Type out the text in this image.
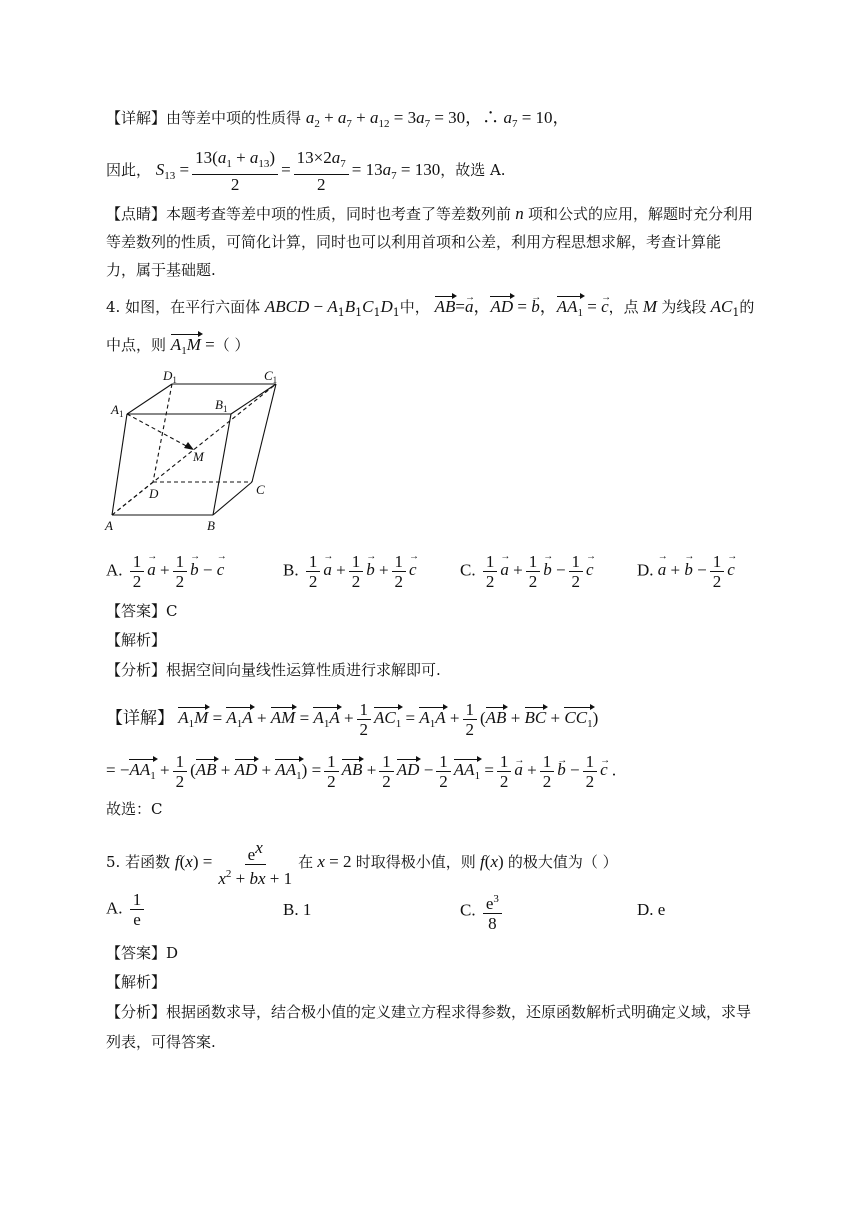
【详解】由等差中项的性质得 $a_2 + a_7 + a_{12} = 3a_7 = 30$，∴ $a_7 = 10$，
因此， $S_{13} = \frac{13(a_1 + a_{13})}{2} = \frac{13\times 2a_7}{2} = 13a_7 = 130$，故选 A.
【点睛】本题考查等差中项的性质，同时也考查了等差数列前 n 项和公式的应用，解题时充分利用
等差数列的性质，可简化计算，同时也可以利用首项和公差，利用方程思想求解，考查计算能
力，属于基础题.
4. 如图，在平行六面体 ABCD − $A_1B_1C_1D_1$中， AB=→ a，AD = → b，$AA_1$ = → c，点 M 为线段 $AC_1$的
中点，则 $A_1M$ =（ ）
$D_1$	$C_1$
$A_1$
$B_1$
M
D	C
A	B
A. $\frac{1}{2}$
→ $a + \frac{1}{2}$
→ b − → c	B. $\frac{1}{2}$
→ $a + \frac{1}{2}$
→ $b + \frac{1}{2}$
→ c	C. $\frac{1}{2}$
→ $a + \frac{1}{2}$
→ $b - \frac{1}{2}$
→ c	D. → a + → $b - \frac{1}{2}$
→ c
【答案】C
【解析】
【分析】根据空间向量线性运算性质进行求解即可.
【详解】 $A_1M = A_1A$ + AM = $A_1A + \frac{1}{2} AC_1 = A_1A + \frac{1}{2} (AB$ + BC + $CC_1$)
= $-AA_1 + \frac{1}{2} (AB$ + AD + $AA_1) = \frac{1}{2}$ AB + $\frac{1}{2}$ AD − $\frac{1}{2} AA_1 = \frac{1}{2}$
→ $a + \frac{1}{2}$
→ $b - \frac{1}{2}$
→ c .
故选：C
5. 若函数 $f(x) = \frac{e^x}{x^2 + bx + 1}$ 在 x = 2 时取得极小值，则 f(x) 的极大值为（ ）
A. $\frac{1}{e}$	B. 1	C. $\frac{e^3}{8}$	D. e
【答案】D
【解析】
【分析】根据函数求导，结合极小值的定义建立方程求得参数，还原函数解析式明确定义域，求导
列表，可得答案.
